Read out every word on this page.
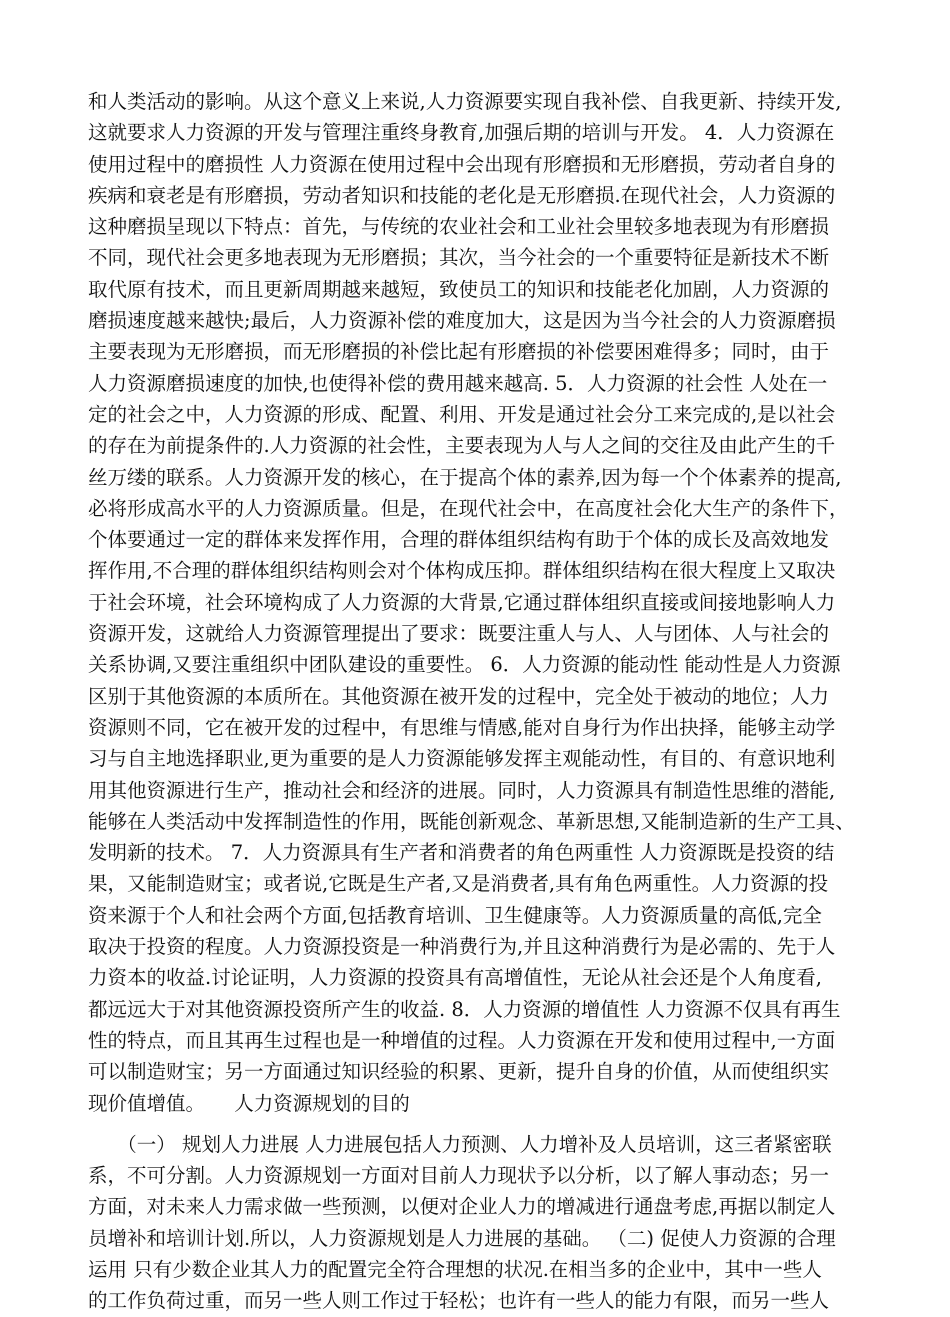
和人类活动的影响。从这个意义上来说,人力资源要实现自我补偿、自我更新、持续开发,
这就要求人力资源的开发与管理注重终身教育,加强后期的培训与开发。 4．人力资源在
使用过程中的磨损性 人力资源在使用过程中会出现有形磨损和无形磨损，劳动者自身的
疾病和衰老是有形磨损，劳动者知识和技能的老化是无形磨损.在现代社会，人力资源的
这种磨损呈现以下特点：首先，与传统的农业社会和工业社会里较多地表现为有形磨损
不同，现代社会更多地表现为无形磨损；其次，当今社会的一个重要特征是新技术不断
取代原有技术，而且更新周期越来越短，致使员工的知识和技能老化加剧，人力资源的
磨损速度越来越快;最后，人力资源补偿的难度加大，这是因为当今社会的人力资源磨损
主要表现为无形磨损，而无形磨损的补偿比起有形磨损的补偿要困难得多；同时，由于
人力资源磨损速度的加快,也使得补偿的费用越来越高. 5．人力资源的社会性 人处在一
定的社会之中，人力资源的形成、配置、利用、开发是通过社会分工来完成的,是以社会
的存在为前提条件的.人力资源的社会性，主要表现为人与人之间的交往及由此产生的千
丝万缕的联系。人力资源开发的核心，在于提高个体的素养,因为每一个个体素养的提高,
必将形成高水平的人力资源质量。但是，在现代社会中，在高度社会化大生产的条件下，
个体要通过一定的群体来发挥作用，合理的群体组织结构有助于个体的成长及高效地发
挥作用,不合理的群体组织结构则会对个体构成压抑。群体组织结构在很大程度上又取决
于社会环境，社会环境构成了人力资源的大背景,它通过群体组织直接或间接地影响人力
资源开发，这就给人力资源管理提出了要求：既要注重人与人、人与团体、人与社会的
关系协调,又要注重组织中团队建设的重要性。 6．人力资源的能动性 能动性是人力资源
区别于其他资源的本质所在。其他资源在被开发的过程中，完全处于被动的地位；人力
资源则不同，它在被开发的过程中，有思维与情感,能对自身行为作出抉择，能够主动学
习与自主地选择职业,更为重要的是人力资源能够发挥主观能动性，有目的、有意识地利
用其他资源进行生产，推动社会和经济的进展。同时，人力资源具有制造性思维的潜能,
能够在人类活动中发挥制造性的作用，既能创新观念、革新思想,又能制造新的生产工具、
发明新的技术。 7．人力资源具有生产者和消费者的角色两重性 人力资源既是投资的结
果，又能制造财宝；或者说,它既是生产者,又是消费者,具有角色两重性。人力资源的投
资来源于个人和社会两个方面,包括教育培训、卫生健康等。人力资源质量的高低,完全
取决于投资的程度。人力资源投资是一种消费行为,并且这种消费行为是必需的、先于人
力资本的收益.讨论证明，人力资源的投资具有高增值性，无论从社会还是个人角度看,
都远远大于对其他资源投资所产生的收益. 8．人力资源的增值性 人力资源不仅具有再生
性的特点，而且其再生过程也是一种增值的过程。人力资源在开发和使用过程中,一方面
可以制造财宝；另一方面通过知识经验的积累、更新，提升自身的价值，从而使组织实
现价值增值。　　人力资源规划的目的
　　（一） 规划人力进展 人力进展包括人力预测、人力增补及人员培训，这三者紧密联
系，不可分割。人力资源规划一方面对目前人力现状予以分析，以了解人事动态；另一
方面，对未来人力需求做一些预测，以便对企业人力的增减进行通盘考虑,再据以制定人
员增补和培训计划.所以，人力资源规划是人力进展的基础。 （二) 促使人力资源的合理
运用 只有少数企业其人力的配置完全符合理想的状况.在相当多的企业中，其中一些人
的工作负荷过重，而另一些人则工作过于轻松；也许有一些人的能力有限，而另一些人
